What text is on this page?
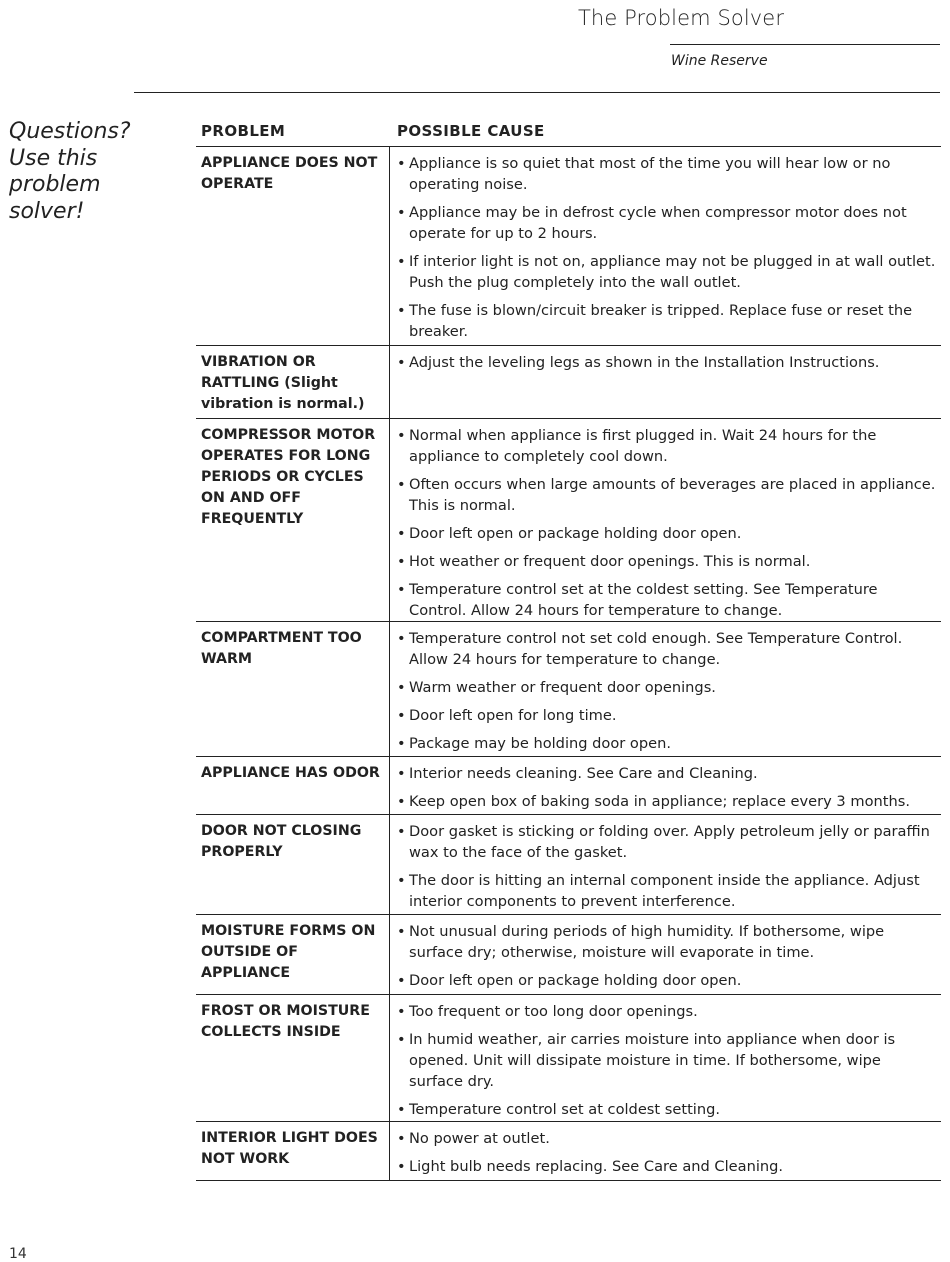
The Problem Solver
Wine Reserve
Questions? Use this problem solver!
PROBLEM	POSSIBLE CAUSE
APPLIANCE DOES NOT OPERATE
• Appliance is so quiet that most of the time you will hear low or no operating noise.
• Appliance may be in defrost cycle when compressor motor does not operate for up to 2 hours.
• If interior light is not on, appliance may not be plugged in at wall outlet. Push the plug completely into the wall outlet.
• The fuse is blown/circuit breaker is tripped. Replace fuse or reset the breaker.
VIBRATION OR RATTLING (Slight vibration is normal.)
• Adjust the leveling legs as shown in the Installation Instructions.
COMPRESSOR MOTOR OPERATES FOR LONG PERIODS OR CYCLES ON AND OFF FREQUENTLY
• Normal when appliance is first plugged in. Wait 24 hours for the appliance to completely cool down.
• Often occurs when large amounts of beverages are placed in appliance. This is normal.
• Door left open or package holding door open.
• Hot weather or frequent door openings. This is normal.
• Temperature control set at the coldest setting. See Temperature Control. Allow 24 hours for temperature to change.
COMPARTMENT TOO WARM
• Temperature control not set cold enough. See Temperature Control. Allow 24 hours for temperature to change.
• Warm weather or frequent door openings.
• Door left open for long time.
• Package may be holding door open.
APPLIANCE HAS ODOR
•	Interior needs cleaning. See Care and Cleaning.
• Keep open box of baking soda in appliance; replace every 3 months.
DOOR NOT CLOSING PROPERLY
• Door gasket is sticking or folding over. Apply petroleum jelly or paraffin wax to the face of the gasket.
• The door is hitting an internal component inside the appliance. Adjust interior components to prevent interference.
MOISTURE FORMS ON OUTSIDE OF APPLIANCE
• Not unusual during periods of high humidity. If bothersome, wipe surface dry; otherwise, moisture will evaporate in time.
• Door left open or package holding door open.
FROST OR MOISTURE COLLECTS INSIDE
• Too frequent or too long door openings.
• In humid weather, air carries moisture into appliance when door is opened. Unit will dissipate moisture in time. If bothersome, wipe surface dry.
• Temperature control set at coldest setting.
INTERIOR LIGHT DOES NOT WORK
• No power at outlet.
• Light bulb needs replacing. See Care and Cleaning.
14
